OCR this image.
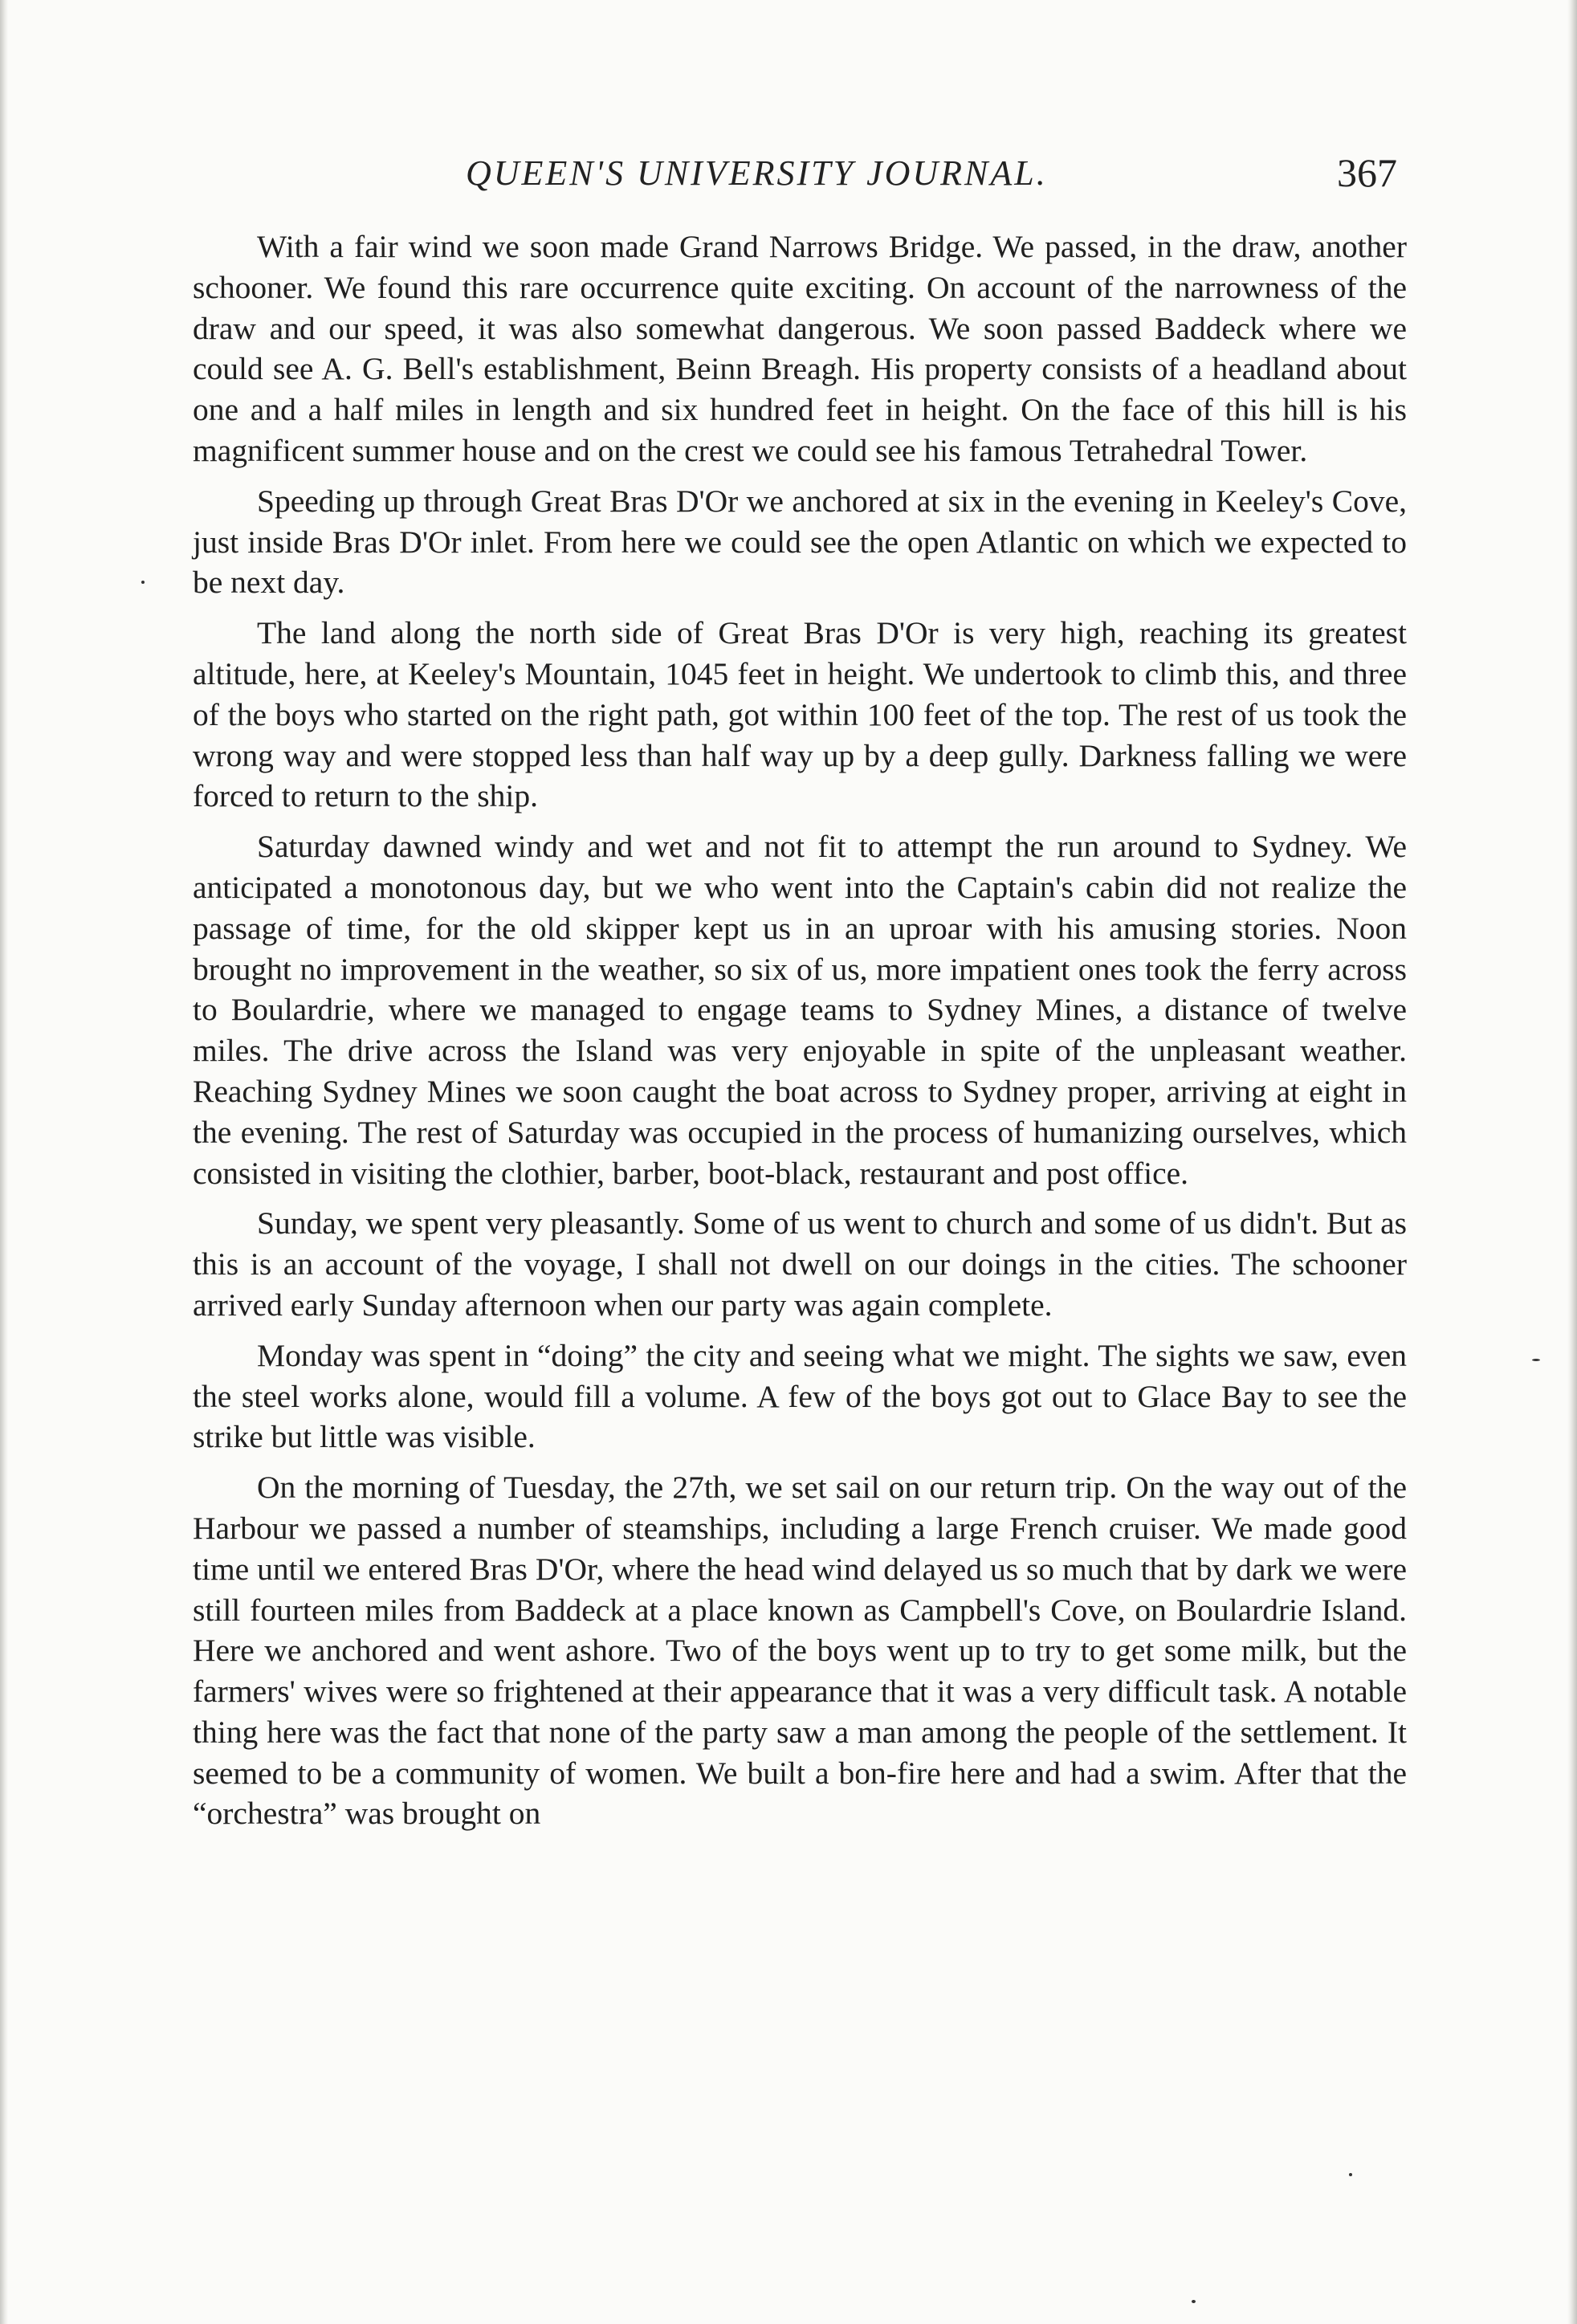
QUEEN'S UNIVERSITY JOURNAL.	367

With a fair wind we soon made Grand Narrows Bridge. We passed, in the draw, another schooner. We found this rare occurrence quite exciting. On account of the narrowness of the draw and our speed, it was also somewhat dangerous. We soon passed Baddeck where we could see A. G. Bell's establishment, Beinn Breagh. His property consists of a headland about one and a half miles in length and six hundred feet in height. On the face of this hill is his magnificent summer house and on the crest we could see his famous Tetrahedral Tower.

Speeding up through Great Bras D'Or we anchored at six in the evening in Keeley's Cove, just inside Bras D'Or inlet. From here we could see the open Atlantic on which we expected to be next day.

The land along the north side of Great Bras D'Or is very high, reaching its greatest altitude, here, at Keeley's Mountain, 1045 feet in height. We undertook to climb this, and three of the boys who started on the right path, got within 100 feet of the top. The rest of us took the wrong way and were stopped less than half way up by a deep gully. Darkness falling we were forced to return to the ship.

Saturday dawned windy and wet and not fit to attempt the run around to Sydney. We anticipated a monotonous day, but we who went into the Captain's cabin did not realize the passage of time, for the old skipper kept us in an uproar with his amusing stories. Noon brought no improvement in the weather, so six of us, more impatient ones took the ferry across to Boulardrie, where we managed to engage teams to Sydney Mines, a distance of twelve miles. The drive across the Island was very enjoyable in spite of the unpleasant weather. Reaching Sydney Mines we soon caught the boat across to Sydney proper, arriving at eight in the evening. The rest of Saturday was occupied in the process of humanizing ourselves, which consisted in visiting the clothier, barber, boot-black, restaurant and post office.

Sunday, we spent very pleasantly. Some of us went to church and some of us didn't. But as this is an account of the voyage, I shall not dwell on our doings in the cities. The schooner arrived early Sunday afternoon when our party was again complete.

Monday was spent in “doing” the city and seeing what we might. The sights we saw, even the steel works alone, would fill a volume. A few of the boys got out to Glace Bay to see the strike but little was visible.

On the morning of Tuesday, the 27th, we set sail on our return trip. On the way out of the Harbour we passed a number of steamships, including a large French cruiser. We made good time until we entered Bras D'Or, where the head wind delayed us so much that by dark we were still fourteen miles from Baddeck at a place known as Campbell's Cove, on Boulardrie Island. Here we anchored and went ashore. Two of the boys went up to try to get some milk, but the farmers' wives were so frightened at their appearance that it was a very difficult task. A notable thing here was the fact that none of the party saw a man among the people of the settlement. It seemed to be a community of women. We built a bon-fire here and had a swim. After that the “orchestra” was brought on
